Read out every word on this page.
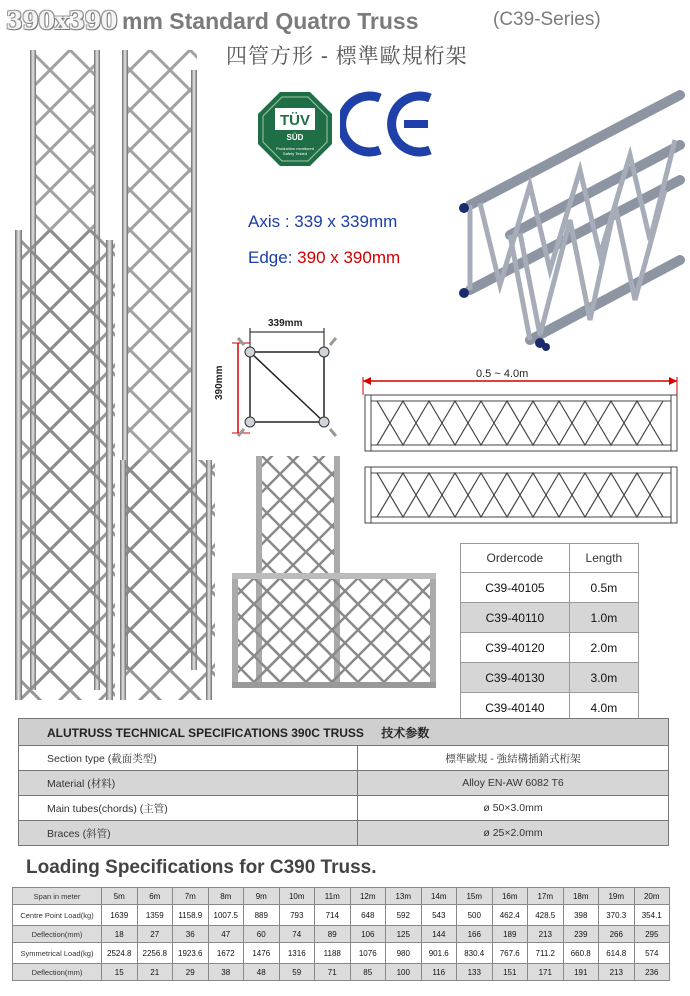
390x390 mm Standard Quatro Truss	(C39-Series)
四管方形 - 標準歐規桁架
TÜV
SÜD
Production monitored
Safety Tested
Axis : 339 x 339mm
Edge: 390 x 390mm
339mm
390mm	0.5 ~ 4.0m
Ordercode	Length
C39-40105	0.5m
C39-40110	1.0m
C39-40120	2.0m
C39-40130	3.0m
C39-40140	4.0m
ALUTRUSS TECHNICAL SPECIFICATIONS 390C TRUSS 技术参数	
Section type (截面类型)	標準歐規 - 強結構插銷式桁架
Material (材料)	Alloy EN-AW 6082 T6
Main tubes(chords) (主管)	ø 50×3.0mm
Braces (斜管)	ø 25×2.0mm
Loading Specifications for C390 Truss.
Span in meter	5m	6m	7m	8m	9m	10m	11m	12m	13m	14m	15m	16m	17m	18m	19m	20m
Centre Point Load(kg)	1639	1359	1158.9	1007.5	889	793	714	648	592	543	500	462.4	428.5	398	370.3	354.1
Deflection(mm)	18	27	36	47	60	74	89	106	125	144	166	189	213	239	266	295
Symmetrical Load(kg)	2524.8	2256.8	1923.6	1672	1476	1316	1188	1076	980	901.6	830.4	767.6	711.2	660.8	614.8	574
Deflection(mm)	15	21	29	38	48	59	71	85	100	116	133	151	171	191	213	236
